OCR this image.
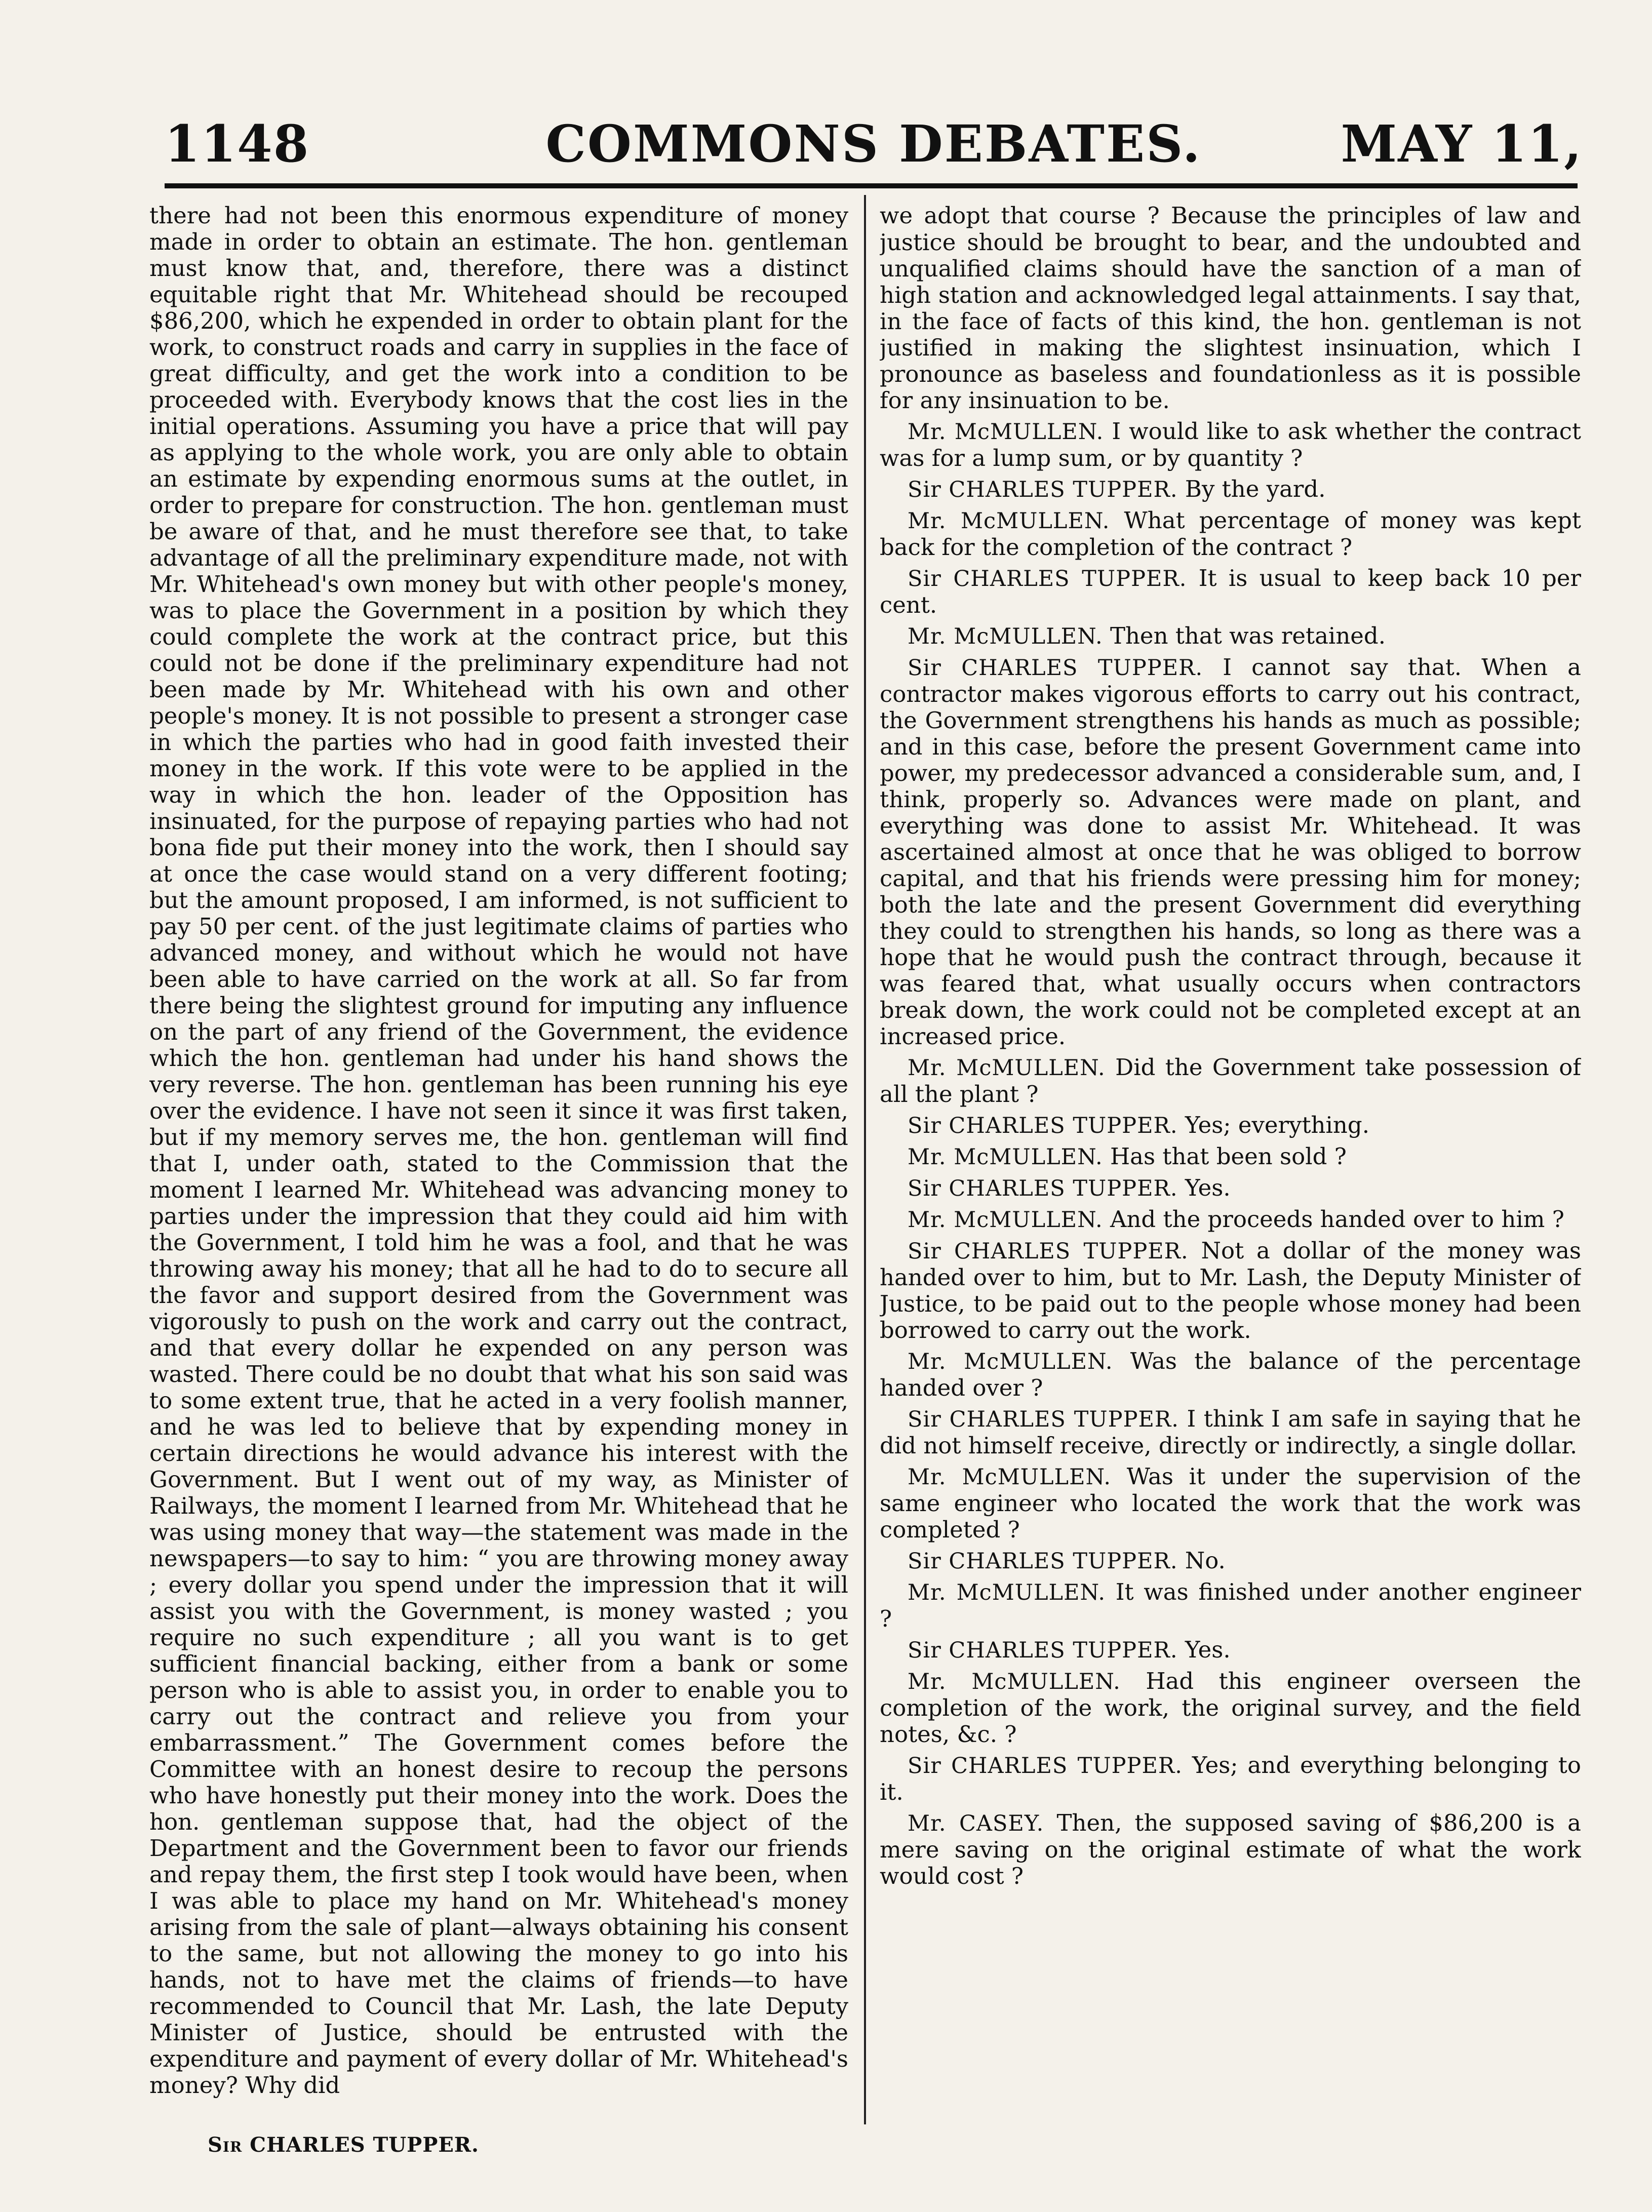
1148	COMMONS DEBATES.	MAY 11,

there had not been this enormous expenditure of money made in order to obtain an estimate. The hon. gentleman must know that, and, therefore, there was a distinct equitable right that Mr. Whitehead should be recouped $86,200, which he expended in order to obtain plant for the work, to construct roads and carry in supplies in the face of great difficulty, and get the work into a condition to be proceeded with. Everybody knows that the cost lies in the initial operations. Assuming you have a price that will pay as applying to the whole work, you are only able to obtain an estimate by expending enormous sums at the outlet, in order to prepare for construction. The hon. gentleman must be aware of that, and he must therefore see that, to take advantage of all the preliminary expenditure made, not with Mr. Whitehead's own money but with other people's money, was to place the Government in a position by which they could complete the work at the contract price, but this could not be done if the preliminary expenditure had not been made by Mr. Whitehead with his own and other people's money. It is not possible to present a stronger case in which the parties who had in good faith invested their money in the work. If this vote were to be applied in the way in which the hon. leader of the Opposition has insinuated, for the purpose of repaying parties who had not bona fide put their money into the work, then I should say at once the case would stand on a very different footing; but the amount proposed, I am informed, is not sufficient to pay 50 per cent. of the just legitimate claims of parties who advanced money, and without which he would not have been able to have carried on the work at all. So far from there being the slightest ground for imputing any influence on the part of any friend of the Government, the evidence which the hon. gentleman had under his hand shows the very reverse. The hon. gentleman has been running his eye over the evidence. I have not seen it since it was first taken, but if my memory serves me, the hon. gentleman will find that I, under oath, stated to the Commission that the moment I learned Mr. Whitehead was advancing money to parties under the impression that they could aid him with the Government, I told him he was a fool, and that he was throwing away his money; that all he had to do to secure all the favor and support desired from the Government was vigorously to push on the work and carry out the contract, and that every dollar he expended on any person was wasted. There could be no doubt that what his son said was to some extent true, that he acted in a very foolish manner, and he was led to believe that by expending money in certain directions he would advance his interest with the Government. But I went out of my way, as Minister of Railways, the moment I learned from Mr. Whitehead that he was using money that way—the statement was made in the newspapers—to say to him: “ you are throwing money away ; every dollar you spend under the impression that it will assist you with the Government, is money wasted ; you require no such expenditure ; all you want is to get sufficient financial backing, either from a bank or some person who is able to assist you, in order to enable you to carry out the contract and relieve you from your embarrassment.” The Government comes before the Committee with an honest desire to recoup the persons who have honestly put their money into the work. Does the hon. gentleman suppose that, had the object of the Department and the Government been to favor our friends and repay them, the first step I took would have been, when I was able to place my hand on Mr. Whitehead's money arising from the sale of plant—always obtaining his consent to the same, but not allowing the money to go into his hands, not to have met the claims of friends—to have recommended to Council that Mr. Lash, the late Deputy Minister of Justice, should be entrusted with the expenditure and payment of every dollar of Mr. Whitehead's money? Why did

we adopt that course ? Because the principles of law and justice should be brought to bear, and the undoubted and unqualified claims should have the sanction of a man of high station and acknowledged legal attainments. I say that, in the face of facts of this kind, the hon. gentleman is not justified in making the slightest insinuation, which I pronounce as baseless and foundationless as it is possible for any insinuation to be.

Mr. McMULLEN. I would like to ask whether the contract was for a lump sum, or by quantity ?

Sir CHARLES TUPPER. By the yard.

Mr. McMULLEN. What percentage of money was kept back for the completion of the contract ?

Sir CHARLES TUPPER. It is usual to keep back 10 per cent.

Mr. McMULLEN. Then that was retained.

Sir CHARLES TUPPER. I cannot say that. When a contractor makes vigorous efforts to carry out his contract, the Government strengthens his hands as much as possible; and in this case, before the present Government came into power, my predecessor advanced a considerable sum, and, I think, properly so. Advances were made on plant, and everything was done to assist Mr. Whitehead. It was ascertained almost at once that he was obliged to borrow capital, and that his friends were pressing him for money; both the late and the present Government did everything they could to strengthen his hands, so long as there was a hope that he would push the contract through, because it was feared that, what usually occurs when contractors break down, the work could not be completed except at an increased price.

Mr. McMULLEN. Did the Government take possession of all the plant ?

Sir CHARLES TUPPER. Yes; everything.

Mr. McMULLEN. Has that been sold ?

Sir CHARLES TUPPER. Yes.

Mr. McMULLEN. And the proceeds handed over to him ?

Sir CHARLES TUPPER. Not a dollar of the money was handed over to him, but to Mr. Lash, the Deputy Minister of Justice, to be paid out to the people whose money had been borrowed to carry out the work.

Mr. McMULLEN. Was the balance of the percentage handed over ?

Sir CHARLES TUPPER. I think I am safe in saying that he did not himself receive, directly or indirectly, a single dollar.

Mr. McMULLEN. Was it under the supervision of the same engineer who located the work that the work was completed ?

Sir CHARLES TUPPER. No.

Mr. McMULLEN. It was finished under another engineer ?

Sir CHARLES TUPPER. Yes.

Mr. McMULLEN. Had this engineer overseen the completion of the work, the original survey, and the field notes, &c. ?

Sir CHARLES TUPPER. Yes; and everything belonging to it.

Mr. CASEY. Then, the supposed saving of $86,200 is a mere saving on the original estimate of what the work would cost ?

Sir CHARLES TUPPER.
